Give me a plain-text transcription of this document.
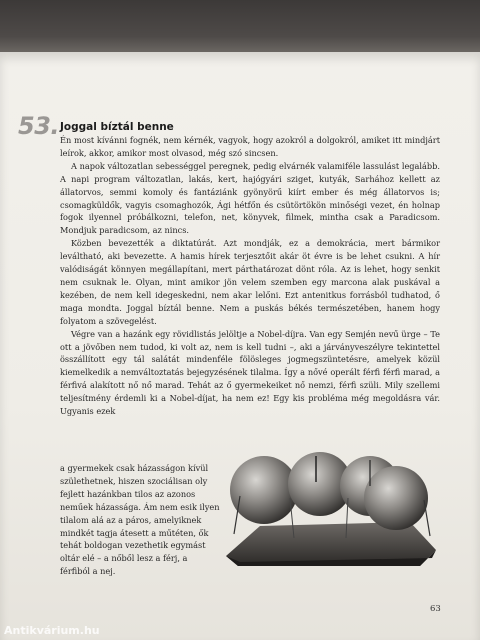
53. Joggal bíztál benne

Én most kívánni fognék, nem kérnék, vagyok, hogy azokról a dolgokról, amiket itt mindjárt leírok, akkor, amikor most olvasod, még szó sincsen.

A napok változatlan sebességgel peregnek, pedig elvárnék valamiféle lassulást legalább. A napi program változatlan, lakás, kert, hajógyári sziget, kutyák, Sarhához kellett az állatorvos, semmi komoly és fantáziánk gyönyörű kiírt ember és még állatorvos is; csomagküldők, vagyis csomaghozók, Ági hétfőn és csütörtökön minőségi vezet, én holnap fogok ilyennel próbálkozni, telefon, net, könyvek, filmek, mintha csak a Paradicsom. Mondjuk paradicsom, az nincs.

Közben bevezették a diktatúrát. Azt mondják, ez a demokrácia, mert bármikor leváltható, aki bevezette. A hamis hírek terjesztőit akár öt évre is be lehet csukni. A hír valódiságát könnyen megállapítani, mert párthatározat dönt róla. Az is lehet, hogy senkit nem csuknak le. Olyan, mint amikor jön velem szemben egy marcona alak puskával a kezében, de nem kell idegeskedni, nem akar lelőni. Ezt antenitkus forrásból tudhatod, ő maga mondta. Joggal bíztál benne. Nem a puskás békés természetében, hanem hogy folyatom a szövegelést.

Végre van a hazánk egy rövidlistás jelöltje a Nobel-díjra. Van egy Semjén nevű ürge – Te ott a jövőben nem tudod, ki volt az, nem is kell tudni –, aki a járványveszélyre tekintettel összállított egy tál salátát mindenféle fölösleges jogmegszüntetésre, amelyek közül kiemelkedik a nemváltoztatás bejegyzésének tilalma. Így a nővé operált férfi férfi marad, a férfivá alakított nő nő marad. Tehát az ő gyermekeiket nő nemzi, férfi szüli. Mily szellemi teljesítmény érdemli ki a Nobel-díjat, ha nem ez! Egy kis probléma még megoldásra vár. Ugyanis ezek

a gyermekek csak házasságon kívül születhetnek, hiszen szociálisan oly fejlett hazánkban tilos az azonos neműek házassága. Ám nem esik ilyen tilalom alá az a páros, amelyiknek mindkét tagja átesett a műtéten, ők tehát boldogan vezethetik egymást oltár elé – a nőből lesz a férj, a férfiból a nej.
63
Antikvárium.hu
